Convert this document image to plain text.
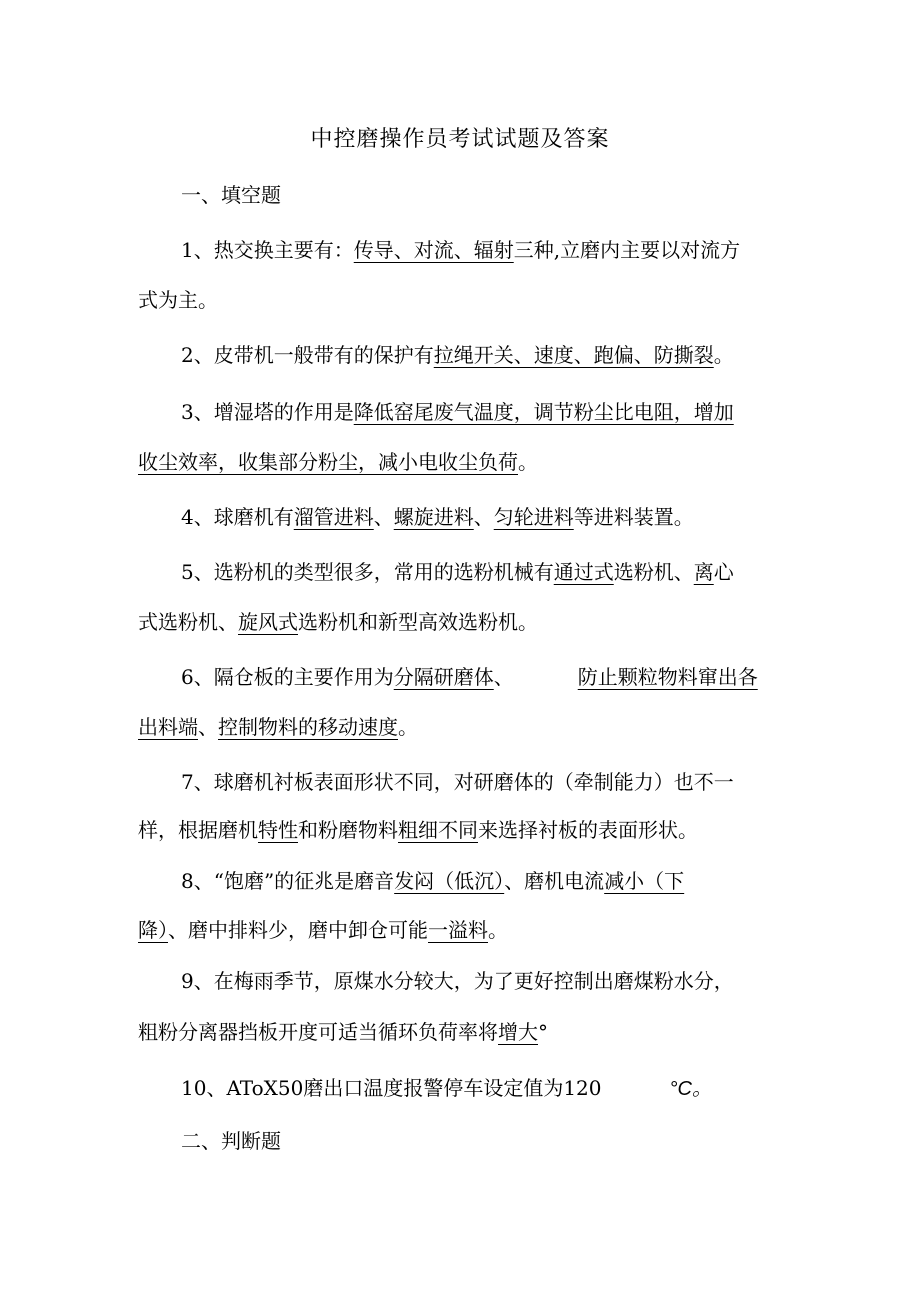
中控磨操作员考试试题及答案
一、填空题
1、热交换主要有：传导、对流、辐射三种,立磨内主要以对流方
式为主。
2、皮带机一般带有的保护有拉绳开关、速度、跑偏、防撕裂。
3、增湿塔的作用是降低窑尾废气温度，调节粉尘比电阻，增加
收尘效率，收集部分粉尘，减小电收尘负荷。
4、球磨机有溜管进料、螺旋进料、匀轮进料等进料装置。
5、选粉机的类型很多，常用的选粉机械有通过式选粉机、离心
式选粉机、旋风式选粉机和新型高效选粉机。
6、隔仓板的主要作用为分隔研磨体、	防止颗粒物料窜出各
出料端、控制物料的移动速度。
7、球磨机衬板表面形状不同，对研磨体的（牵制能力）也不一
样，根据磨机特性和粉磨物料粗细不同来选择衬板的表面形状。
8、“饱磨”的征兆是磨音发闷（低沉）、磨机电流减小（下
降）、磨中排料少，磨中卸仓可能一溢料。
9、在梅雨季节，原煤水分较大，为了更好控制出磨煤粉水分，
粗粉分离器挡板开度可适当循环负荷率将增大°
10、AToX50磨出口温度报警停车设定值为120	°C。
二、判断题
